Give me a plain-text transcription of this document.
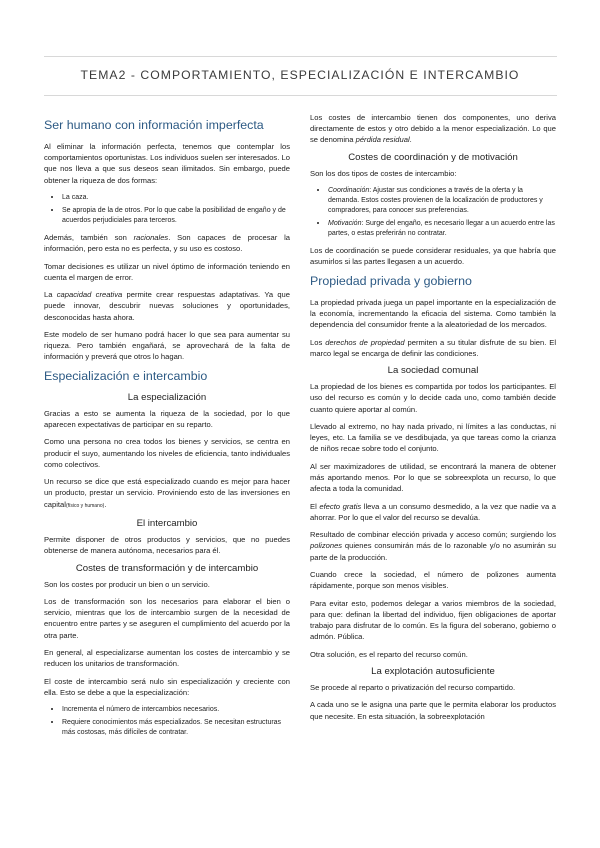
TEMA2 - COMPORTAMIENTO, ESPECIALIZACIÓN E INTERCAMBIO
Ser humano con información imperfecta

Al eliminar la información perfecta, tenemos que contemplar los comportamientos oportunistas. Los individuos suelen ser interesados. Lo que nos lleva a que sus deseos sean ilimitados. Sin embargo, puede obtener la riqueza de dos formas:

• La caza.
• Se apropia de la de otros. Por lo que cabe la posibilidad de engaño y de acuerdos perjudiciales para terceros.

Además, también son racionales. Son capaces de procesar la información, pero esta no es perfecta, y su uso es costoso.

Tomar decisiones es utilizar un nivel óptimo de información teniendo en cuenta el margen de error.

La capacidad creativa permite crear respuestas adaptativas. Ya que puede innovar, descubrir nuevas soluciones y oportunidades, desconocidas hasta ahora.

Este modelo de ser humano podrá hacer lo que sea para aumentar su riqueza. Pero también engañará, se aprovechará de la falta de información y preverá que otros lo hagan.

Especialización e intercambio
La especialización

Gracias a esto se aumenta la riqueza de la sociedad, por lo que aparecen expectativas de participar en su reparto.

Como una persona no crea todos los bienes y servicios, se centra en producir el suyo, aumentando los niveles de eficiencia, tanto individuales como colectivos.

Un recurso se dice que está especializado cuando es mejor para hacer un producto, prestar un servicio. Proviniendo esto de las inversiones en capital(físico y humano).

El intercambio

Permite disponer de otros productos y servicios, que no puedes obtenerse de manera autónoma, necesarios para él.

Costes de transformación y de intercambio

Son los costes por producir un bien o un servicio.

Los de transformación son los necesarios para elaborar el bien o servicio, mientras que los de intercambio surgen de la necesidad de encuentro entre partes y se aseguren el cumplimiento del acuerdo por la otra parte.

En general, al especializarse aumentan los costes de intercambio y se reducen los unitarios de transformación.

El coste de intercambio será nulo sin especialización y creciente con ella. Esto se debe a que la especialización:

• Incrementa el número de intercambios necesarios.
• Requiere conocimientos más especializados. Se necesitan estructuras más costosas, más difíciles de contratar.

Los costes de intercambio tienen dos componentes, uno deriva directamente de estos y otro debido a la menor especialización. Lo que se denomina pérdida residual.

Costes de coordinación y de motivación

Son los dos tipos de costes de intercambio:

• Coordinación: Ajustar sus condiciones a través de la oferta y la demanda. Estos costes provienen de la localización de productores y compradores, para conocer sus preferencias.
• Motivación: Surge del engaño, es necesario llegar a un acuerdo entre las partes, o estas preferirán no contratar.

Los de coordinación se puede considerar residuales, ya que habría que asumirlos si las partes llegasen a un acuerdo.

Propiedad privada y gobierno

La propiedad privada juega un papel importante en la especialización de la economía, incrementando la eficacia del sistema. Como también la dependencia del consumidor frente a la aleatoriedad de los mercados.

Los derechos de propiedad permiten a su titular disfrute de su bien. El marco legal se encarga de definir las condiciones.

La sociedad comunal

La propiedad de los bienes es compartida por todos los participantes. El uso del recurso es común y lo decide cada uno, como también decide cuanto quiere aportar al común.

Llevado al extremo, no hay nada privado, ni límites a las conductas, ni leyes, etc. La familia se ve desdibujada, ya que tareas como la crianza de niños recae sobre todo el conjunto.

Al ser maximizadores de utilidad, se encontrará la manera de obtener más aportando menos. Por lo que se sobreexplota un recurso, lo que afecta a toda la comunidad.

El efecto gratis lleva a un consumo desmedido, a la vez que nadie va a ahorrar. Por lo que el valor del recurso se devalúa.

Resultado de combinar elección privada y acceso común; surgiendo los polizones quienes consumirán más de lo razonable y/o no asumirán su parte de la producción.

Cuando crece la sociedad, el número de polizones aumenta rápidamente, porque son menos visibles.

Para evitar esto, podemos delegar a varios miembros de la sociedad, para que: definan la libertad del individuo, fijen obligaciones de aportar trabajo para disfrutar de lo común. Es la figura del soberano, gobierno o admón. Pública.

Otra solución, es el reparto del recurso común.

La explotación autosuficiente

Se procede al reparto o privatización del recurso compartido.

A cada uno se le asigna una parte que le permita elaborar los productos que necesite. En esta situación, la sobreexplotación
